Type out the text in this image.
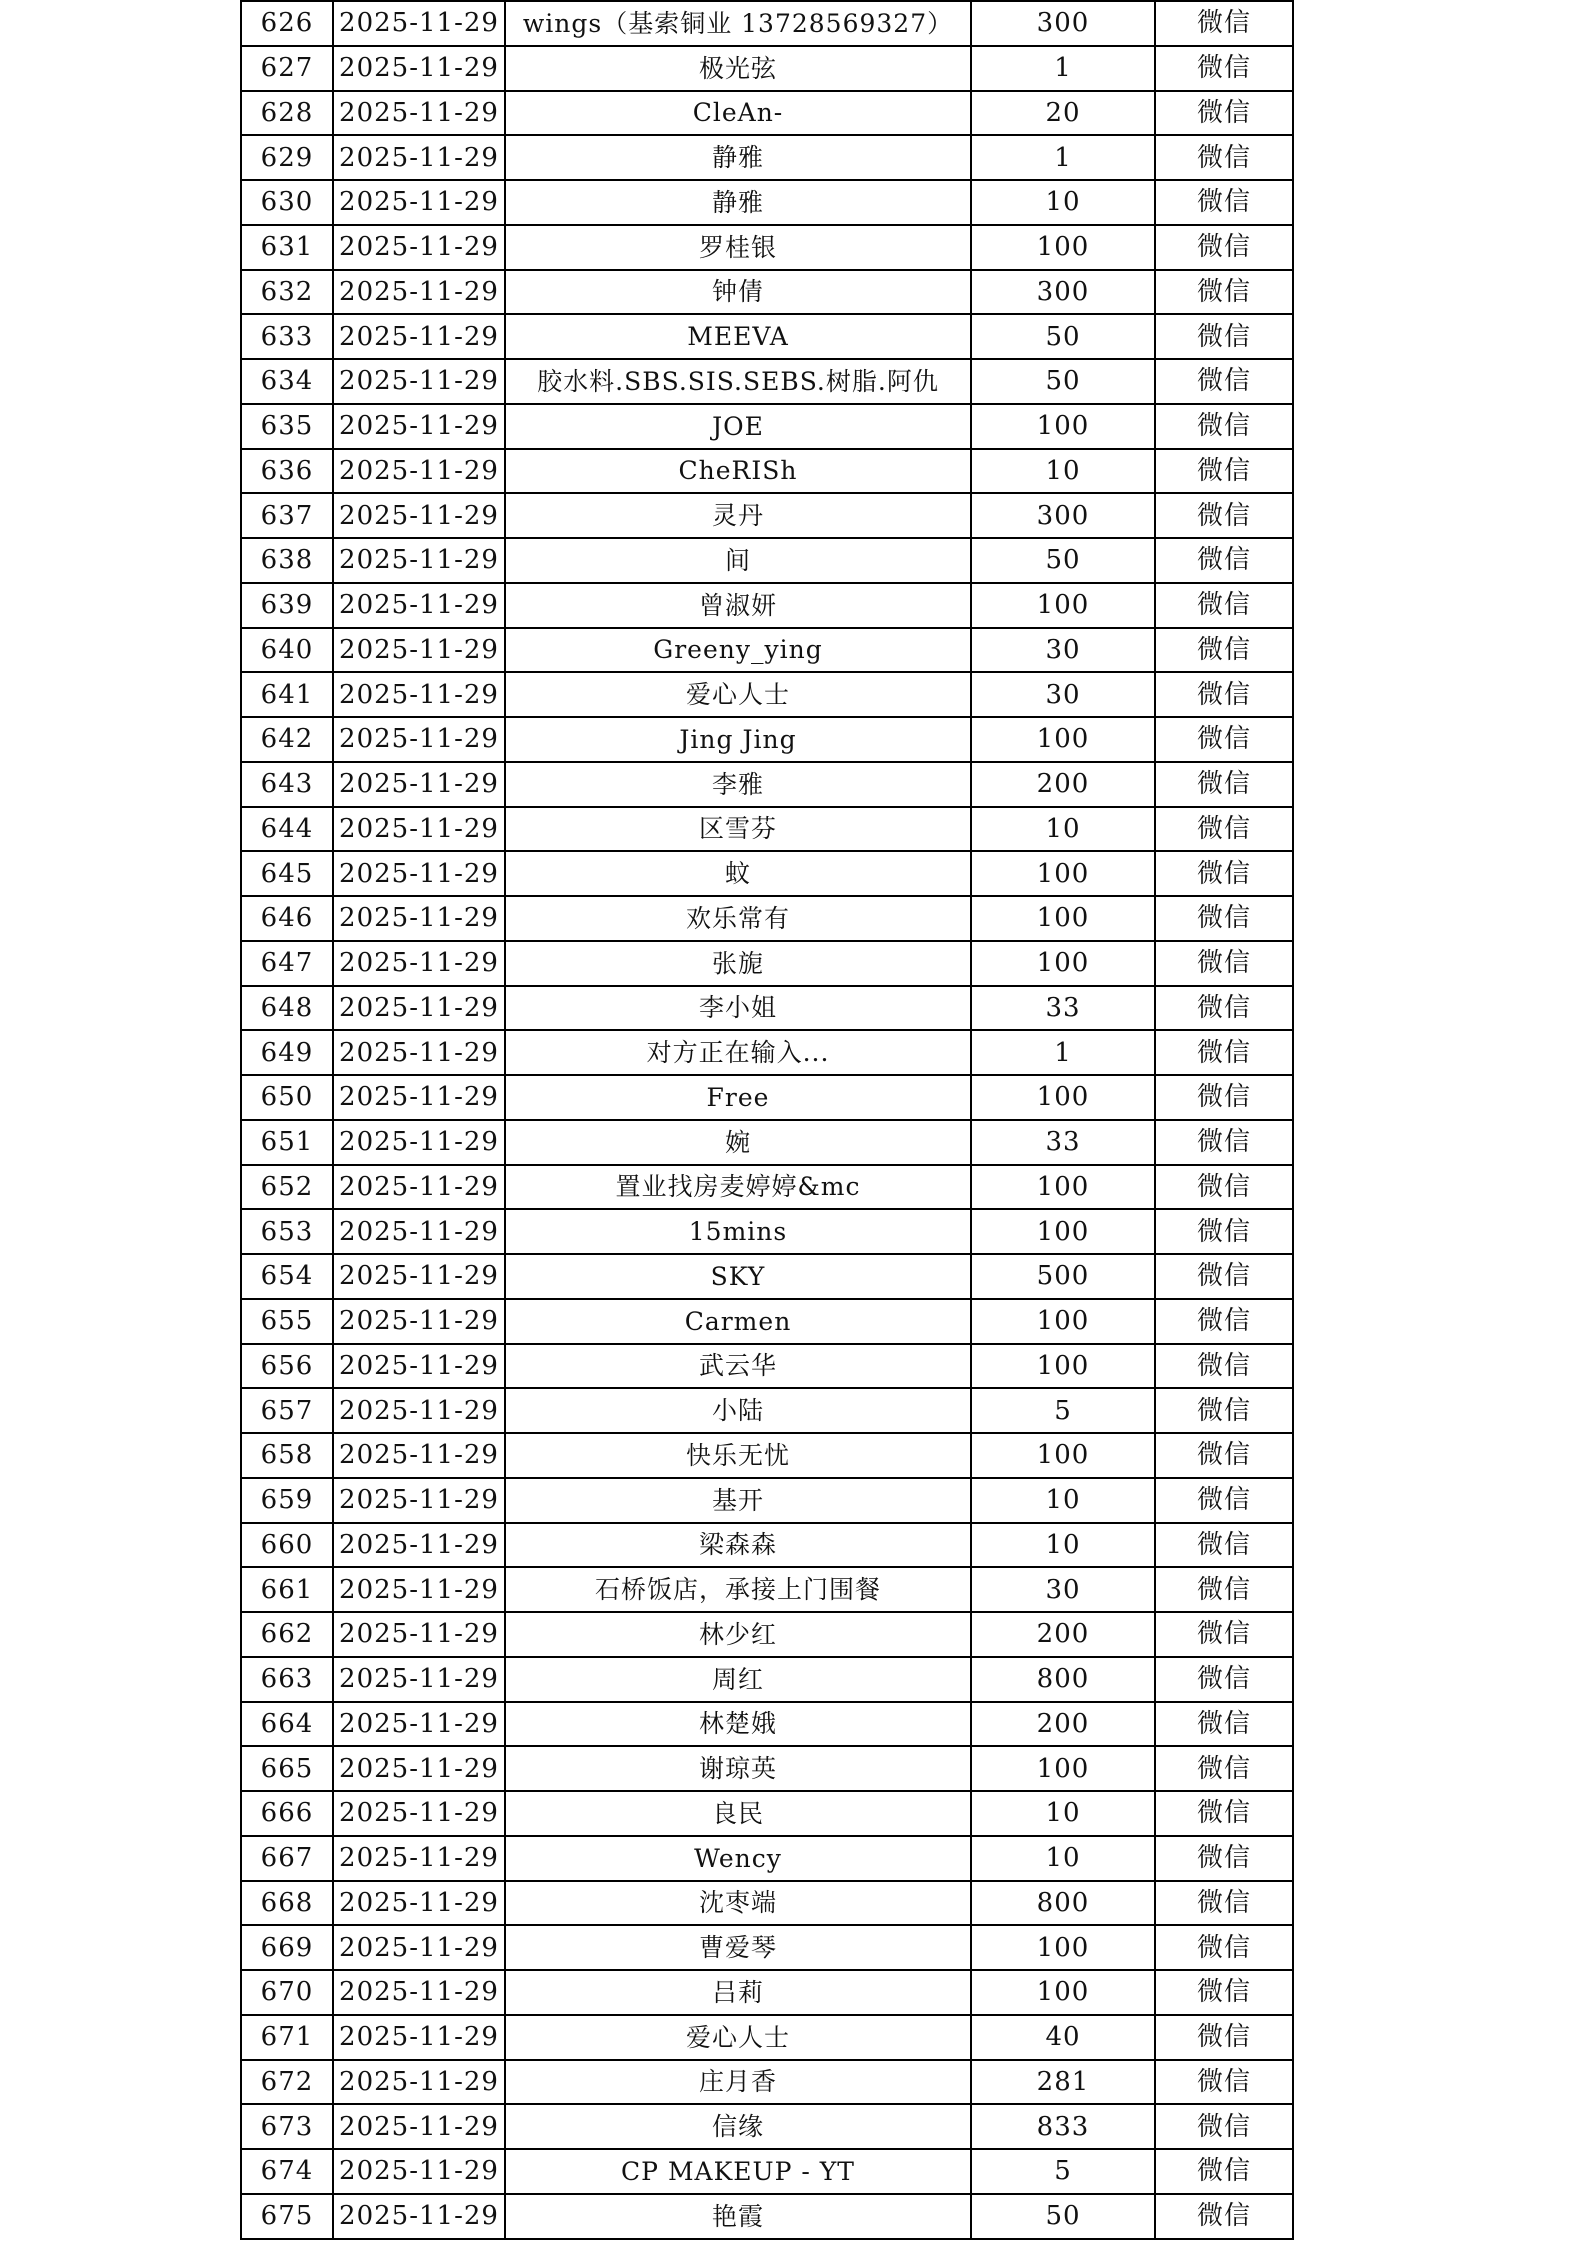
626	2025-11-29	wings（基索铜业 13728569327）	300	微信
627	2025-11-29	极光弦	1	微信
628	2025-11-29	CleAn-	20	微信
629	2025-11-29	静雅	1	微信
630	2025-11-29	静雅	10	微信
631	2025-11-29	罗桂银	100	微信
632	2025-11-29	钟倩	300	微信
633	2025-11-29	MEEVA	50	微信
634	2025-11-29	胶水料.SBS.SIS.SEBS.树脂.阿仇	50	微信
635	2025-11-29	JOE	100	微信
636	2025-11-29	CheRISh	10	微信
637	2025-11-29	灵丹	300	微信
638	2025-11-29	间	50	微信
639	2025-11-29	曾淑妍	100	微信
640	2025-11-29	Greeny_ying	30	微信
641	2025-11-29	爱心人士	30	微信
642	2025-11-29	Jing Jing	100	微信
643	2025-11-29	李雅	200	微信
644	2025-11-29	区雪芬	10	微信
645	2025-11-29	蚊	100	微信
646	2025-11-29	欢乐常有	100	微信
647	2025-11-29	张旎	100	微信
648	2025-11-29	李小姐	33	微信
649	2025-11-29	对方正在输入...	1	微信
650	2025-11-29	Free	100	微信
651	2025-11-29	婉	33	微信
652	2025-11-29	置业找房麦婷婷&mc	100	微信
653	2025-11-29	15mins	100	微信
654	2025-11-29	SKY	500	微信
655	2025-11-29	Carmen	100	微信
656	2025-11-29	武云华	100	微信
657	2025-11-29	小陆	5	微信
658	2025-11-29	快乐无忧	100	微信
659	2025-11-29	基开	10	微信
660	2025-11-29	梁森森	10	微信
661	2025-11-29	石桥饭店，承接上门围餐	30	微信
662	2025-11-29	林少红	200	微信
663	2025-11-29	周红	800	微信
664	2025-11-29	林楚娥	200	微信
665	2025-11-29	谢琼英	100	微信
666	2025-11-29	良民	10	微信
667	2025-11-29	Wency	10	微信
668	2025-11-29	沈枣端	800	微信
669	2025-11-29	曹爱琴	100	微信
670	2025-11-29	吕莉	100	微信
671	2025-11-29	爱心人士	40	微信
672	2025-11-29	庄月香	281	微信
673	2025-11-29	信缘	833	微信
674	2025-11-29	CP MAKEUP - YT	5	微信
675	2025-11-29	艳霞	50	微信
